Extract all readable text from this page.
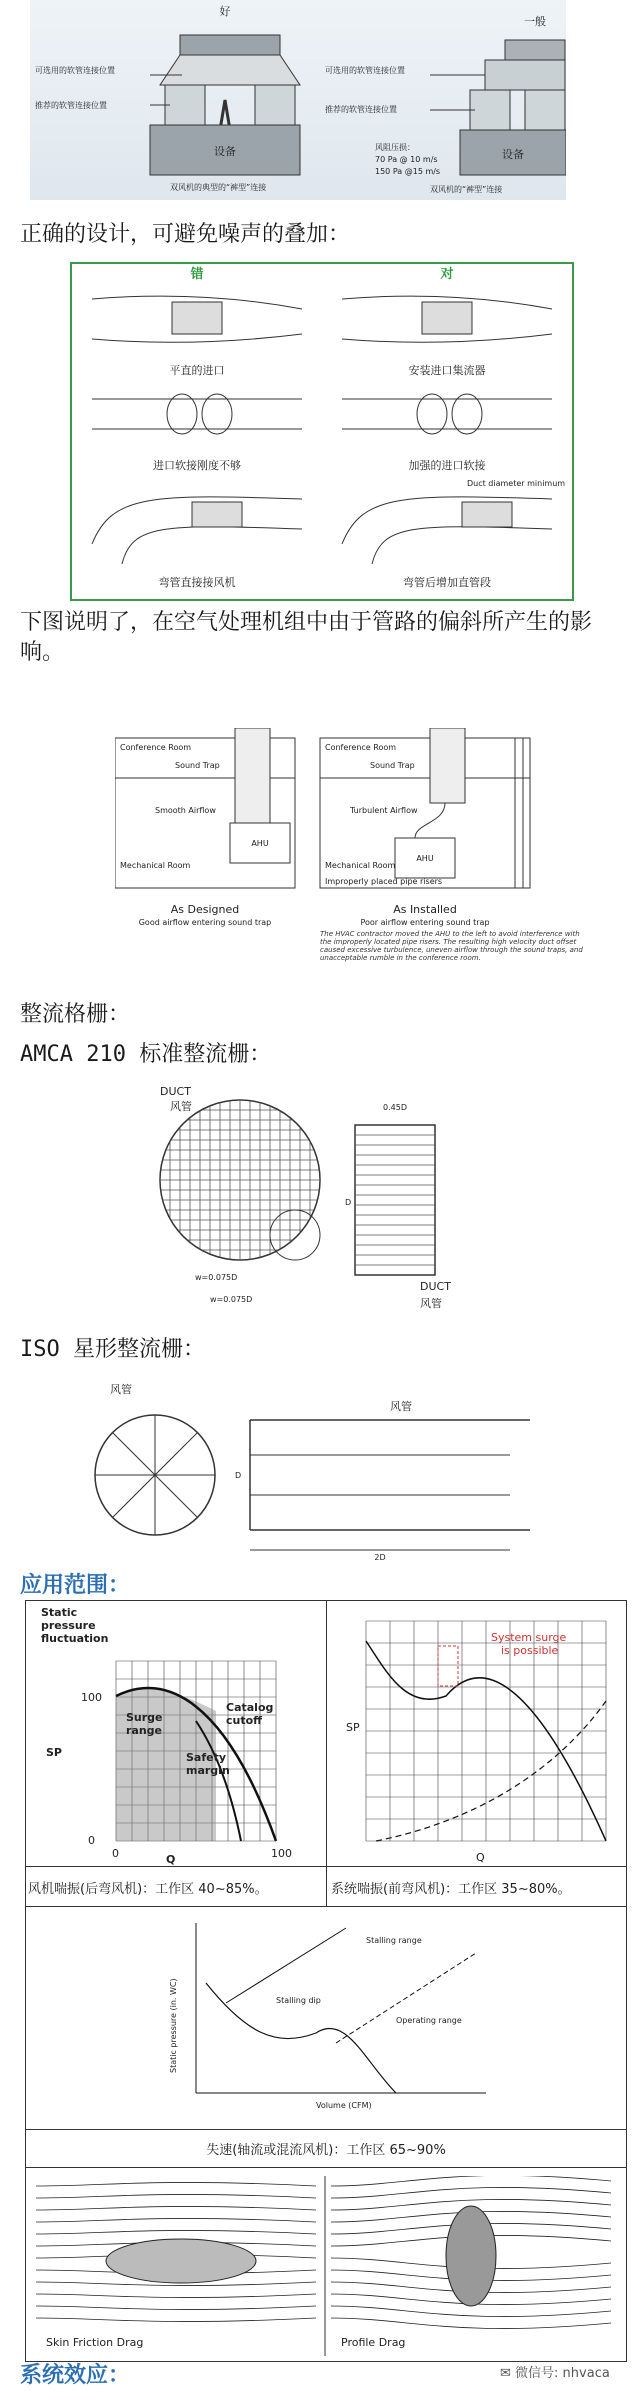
好
一般
可选用的软管连接位置
推荐的软管连接位置
设备
双风机的典型的“裤型”连接
可选用的软管连接位置
推荐的软管连接位置
设备
风阻压损：
70 Pa @ 10 m/s
150 Pa @15 m/s
双风机的“裤型”连接
正确的设计，可避免噪声的叠加：
错	对
平直的进口	安装进口集流器
进口软接刚度不够	加强的进口软接
弯管直接接风机	弯管后增加直管段
Duct diameter minimum
下图说明了，在空气处理机组中由于管路的偏斜所产生的影响。
Conference Room
Sound Trap
Smooth Airflow
AHU
Mechanical Room
As Designed
Good airflow entering sound trap
Conference Room
Sound Trap
Turbulent Airflow
AHU
Mechanical Room
Improperly placed pipe risers
As Installed
Poor airflow entering sound trap
The HVAC contractor moved the AHU to the left to avoid interference with the improperly located pipe risers. The resulting high velocity duct offset caused excessive turbulence, uneven airflow through the sound traps, and unacceptable rumble in the conference room.
整流格栅：
AMCA 210 标准整流栅：
DUCT
风管	0.45D
D
DUCT
风管
w=0.075D
w=0.075D
ISO 星形整流栅：
风管
风管
D
2D
应用范围：
Static
pressure
fluctuation
Surge
range
Catalog
cutoff
Safety
margin
SP
Q
100
0
0	100
System surge
is possible
SP
Q
风机喘振(后弯风机)：工作区 40~85%。	系统喘振(前弯风机)：工作区 35~80%。
Stalling range
Stalling dip
Operating range
Static pressure (in. WC)
Volume (CFM)
失速(轴流或混流风机)：工作区 65~90%
Skin Friction Drag	Profile Drag
系统效应：	✉ 微信号: nhvaca
